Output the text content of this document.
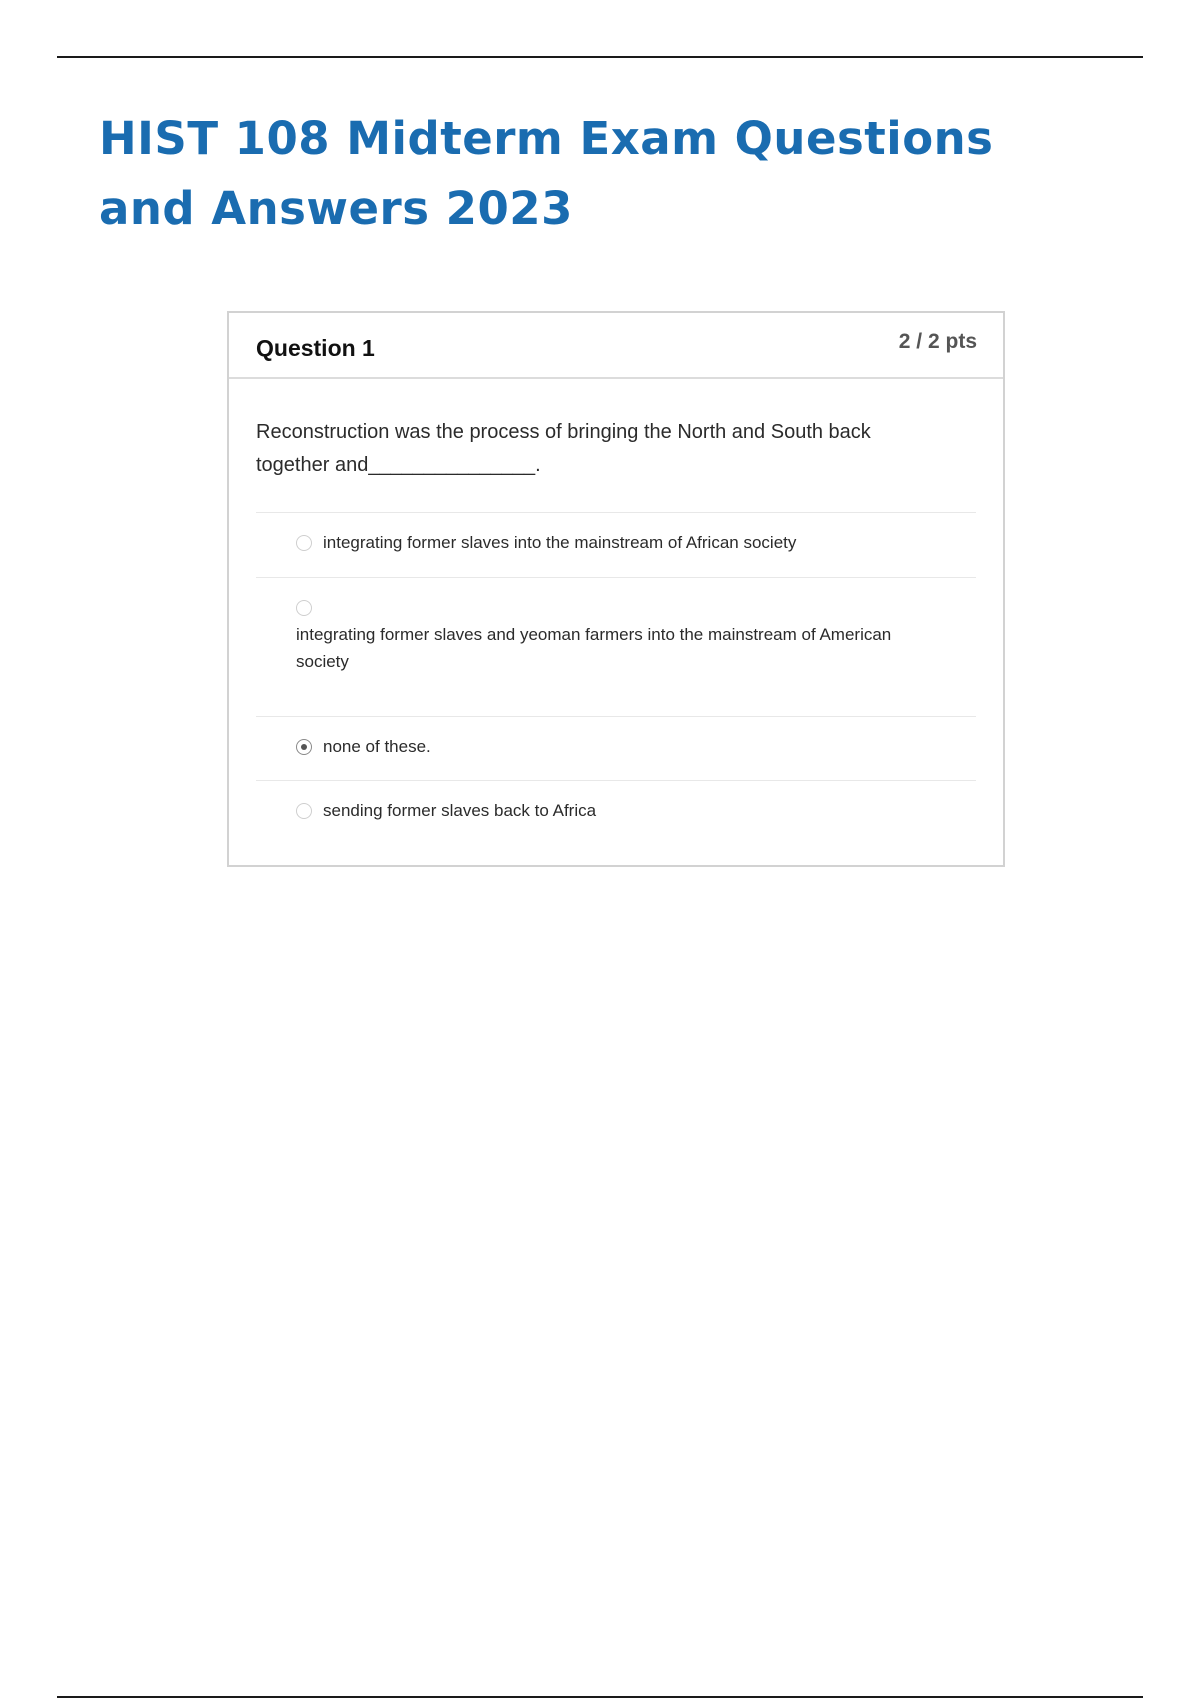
HIST 108 Midterm Exam Questions and Answers 2023
Question 1	2 / 2 pts

Reconstruction was the process of bringing the North and South back together and_______________.

integrating former slaves into the mainstream of African society
integrating former slaves and yeoman farmers into the mainstream of American society
none of these.
sending former slaves back to Africa
